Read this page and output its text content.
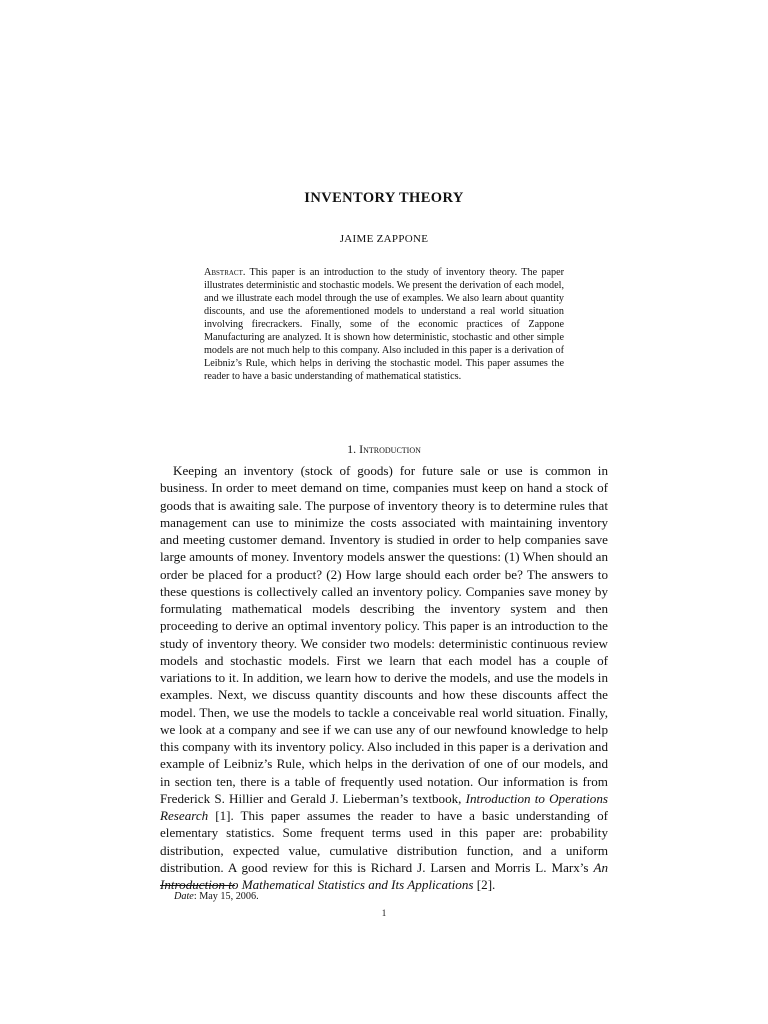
INVENTORY THEORY
JAIME ZAPPONE
Abstract. This paper is an introduction to the study of inventory theory. The paper illustrates deterministic and stochastic models. We present the derivation of each model, and we illustrate each model through the use of examples. We also learn about quantity discounts, and use the aforementioned models to understand a real world situation involving firecrackers. Finally, some of the economic practices of Zappone Manufacturing are analyzed. It is shown how deterministic, stochastic and other simple models are not much help to this company. Also included in this paper is a derivation of Leibniz’s Rule, which helps in deriving the stochastic model. This paper assumes the reader to have a basic understanding of mathematical statistics.
1. Introduction

Keeping an inventory (stock of goods) for future sale or use is common in business. In order to meet demand on time, companies must keep on hand a stock of goods that is awaiting sale. The purpose of inventory theory is to determine rules that management can use to minimize the costs associated with maintaining inventory and meeting customer demand. Inventory is studied in order to help companies save large amounts of money. Inventory models answer the questions: (1) When should an order be placed for a product? (2) How large should each order be? The answers to these questions is collectively called an inventory policy. Companies save money by formulating mathematical models describing the inventory system and then proceeding to derive an optimal inventory policy. This paper is an introduction to the study of inventory theory. We consider two models: deterministic continuous review models and stochastic models. First we learn that each model has a couple of variations to it. In addition, we learn how to derive the models, and use the models in examples. Next, we discuss quantity discounts and how these discounts affect the model. Then, we use the models to tackle a conceivable real world situation. Finally, we look at a company and see if we can use any of our newfound knowledge to help this company with its inventory policy. Also included in this paper is a derivation and example of Leibniz’s Rule, which helps in the derivation of one of our models, and in section ten, there is a table of frequently used notation. Our information is from Frederick S. Hillier and Gerald J. Lieberman’s textbook, Introduction to Operations Research [1]. This paper assumes the reader to have a basic understanding of elementary statistics. Some frequent terms used in this paper are: probability distribution, expected value, cumulative distribution function, and a uniform distribution. A good review for this is Richard J. Larsen and Morris L. Marx’s An Introduction to Mathematical Statistics and Its Applications [2].

Date: May 15, 2006.
1
